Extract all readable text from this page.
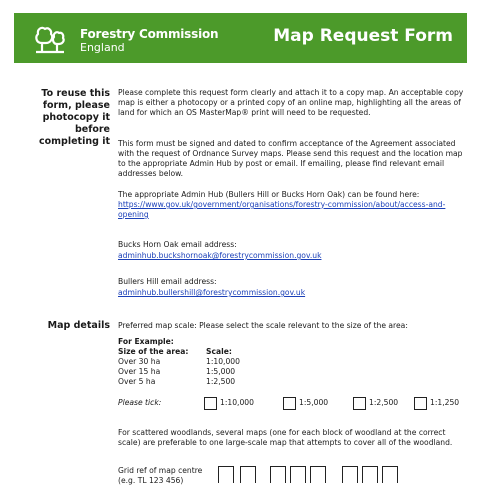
Forestry Commission
England
Map Request Form
To reuse this form, please photocopy it before completing it

Please complete this request form clearly and attach it to a copy map. An acceptable copy map is either a photocopy or a printed copy of an online map, highlighting all the areas of land for which an OS MasterMap® print will need to be requested.

This form must be signed and dated to confirm acceptance of the Agreement associated with the request of Ordnance Survey maps. Please send this request and the location map to the appropriate Admin Hub by post or email. If emailing, please find relevant email addresses below.

The appropriate Admin Hub (Bullers Hill or Bucks Horn Oak) can be found here: https://www.gov.uk/government/organisations/forestry-commission/about/access-and-opening

Bucks Horn Oak email address:

adminhub.buckshornoak@forestrycommission.gov.uk

Bullers Hill email address:

adminhub.bullershill@forestrycommission.gov.uk

Map details Preferred map scale: Please select the scale relevant to the size of the area:
For Example:
Size of the area:	Scale:
Over 30 ha	1:10,000
Over 15 ha	1:5,000
Over 5 ha	1:2,500
Please tick:	1:10,000	1:5,000	1:2,500	1:1,250
For scattered woodlands, several maps (one for each block of woodland at the correct scale) are preferable to one large-scale map that attempts to cover all of the woodland.

Grid ref of map centre

(e.g. TL 123 456)
